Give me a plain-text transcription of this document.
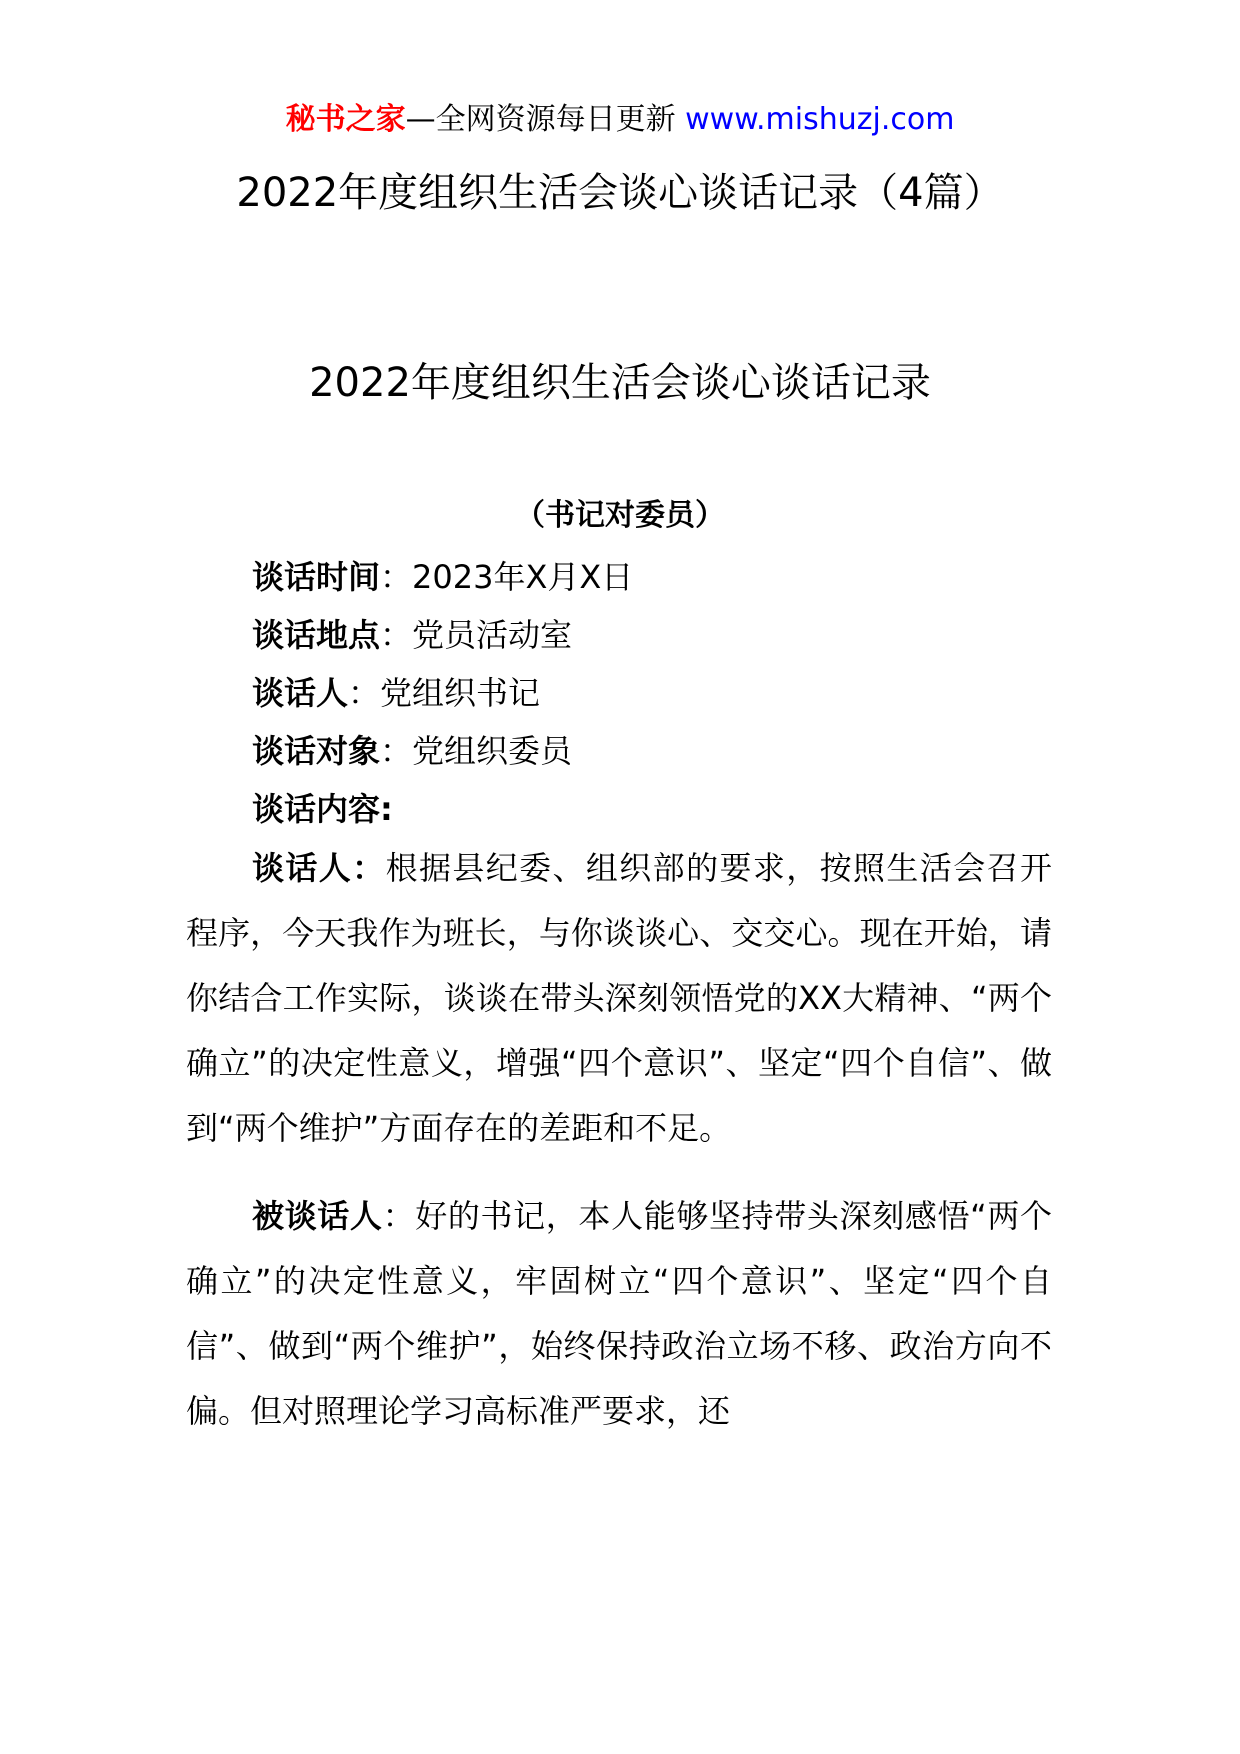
秘书之家—全网资源每日更新 www.mishuzj.com
2022年度组织生活会谈心谈话记录（4篇）
2022年度组织生活会谈心谈话记录
（书记对委员）
谈话时间：2023年X月X日
谈话地点：党员活动室
谈话人：党组织书记
谈话对象：党组织委员
谈话内容:
谈话人：根据县纪委、组织部的要求，按照生活会召开程序，今天我作为班长，与你谈谈心、交交心。现在开始，请你结合工作实际，谈谈在带头深刻领悟党的XX大精神、“两个确立”的决定性意义，增强“四个意识”、坚定“四个自信”、做到“两个维护”方面存在的差距和不足。
被谈话人：好的书记，本人能够坚持带头深刻感悟“两个确立”的决定性意义，牢固树立“四个意识”、坚定“四个自信”、做到“两个维护”，始终保持政治立场不移、政治方向不偏。但对照理论学习高标准严要求，还
